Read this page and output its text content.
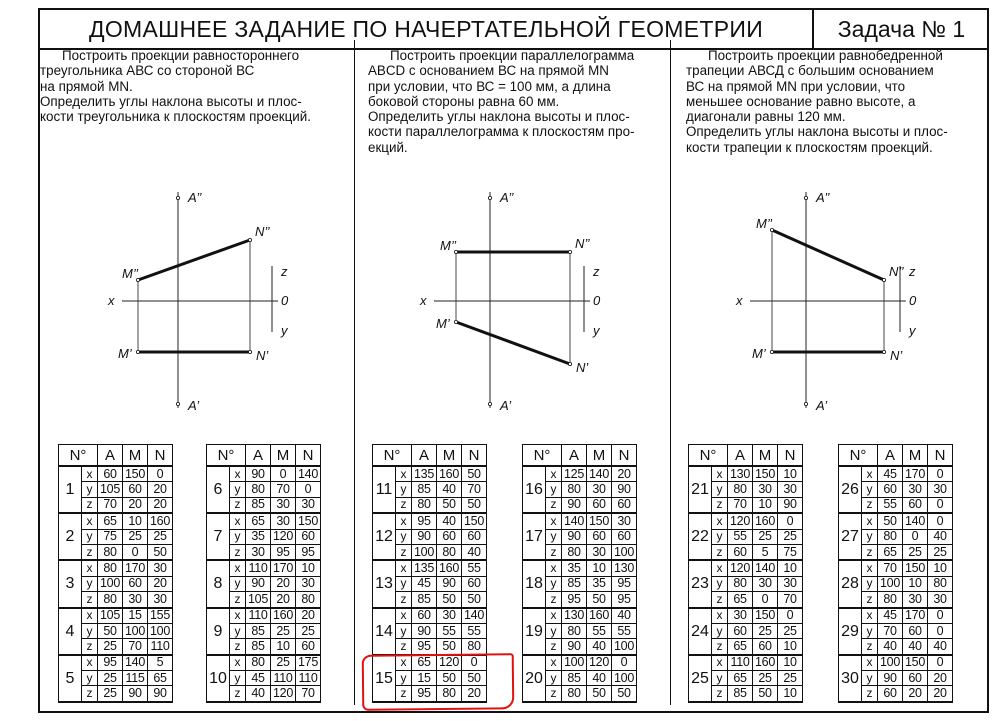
ДОМАШНЕЕ ЗАДАНИЕ ПО НАЧЕРТАТЕЛЬНОЙ ГЕОМЕТРИИ	Задача № 1

Построить проекции равностороннего

треугольника АВС со стороной ВС

на прямой MN.

Определить углы наклона высоты и плос-

кости треугольника к плоскостям проекций.

Построить проекции параллелограмма

ABCD с основанием ВС на прямой MN

при условии, что ВС = 100 мм, а длина

боковой стороны равна 60 мм.

Определить углы наклона высоты и плос-

кости параллелограмма к плоскостям про-

екций.

Построить проекции равнобедренной

трапеции АВСД с большим основанием

ВС на прямой MN при условии, что

меньшее основание равно высоте, а

диагонали равны 120 мм.

Определить углы наклона высоты и плос-

кости трапеции к плоскостям проекций.

A’’
A’
M’’
N’’
M’	N’
x
z
0
y
A’’
A’
M’’	N’’
M’
N’
x
z
0
y
A’’
A’
M’’
N’’
M’	N’
x
z
0
y
N°		A	M	N
1	x	60	150	0
	y	105	60	20
	z	70	20	20
2	x	65	10	160
	y	75	25	25
	z	80	0	50
3	x	80	170	30
	y	100	60	20
	z	80	30	30
4	x	105	15	155
	y	50	100	100
	z	25	70	110
5	x	95	140	5
	y	25	115	65
	z	25	90	90
N°		A	M	N
6	x	90	0	140
	y	80	70	0
	z	85	30	30
7	x	65	30	150
	y	35	120	60
	z	30	95	95
8	x	110	170	10
	y	90	20	30
	z	105	20	80
9	x	110	160	20
	y	85	25	25
	z	85	10	60
10	x	80	25	175
	y	45	110	110
	z	40	120	70
N°		A	M	N
11	x	135	160	50
	y	85	40	70
	z	80	50	50
12	x	95	40	150
	y	90	60	60
	z	100	80	40
13	x	135	160	55
	y	45	90	60
	z	85	50	50
14	x	60	30	140
	y	90	55	55
	z	95	50	80
15	x	65	120	0
	y	15	50	50
	z	95	80	20
N°		A	M	N
16	x	125	140	20
	y	80	30	90
	z	90	60	60
17	x	140	150	30
	y	90	60	60
	z	80	30	100
18	x	35	10	130
	y	85	35	95
	z	95	50	95
19	x	130	160	40
	y	80	55	55
	z	90	40	100
20	x	100	120	0
	y	85	40	100
	z	80	50	50
N°		A	M	N
21	x	130	150	10
	y	80	30	30
	z	70	10	90
22	x	120	160	0
	y	55	25	25
	z	60	5	75
23	x	120	140	10
	y	80	30	30
	z	65	0	70
24	x	30	150	0
	y	60	25	25
	z	65	60	10
25	x	110	160	10
	y	65	25	25
	z	85	50	10
N°		A	M	N
26	x	45	170	0
	y	60	30	30
	z	55	60	0
27	x	50	140	0
	y	80	0	40
	z	65	25	25
28	x	70	150	10
	y	100	10	80
	z	80	30	30
29	x	45	170	0
	y	70	60	0
	z	40	40	40
30	x	100	150	0
	y	90	60	20
	z	60	20	20
